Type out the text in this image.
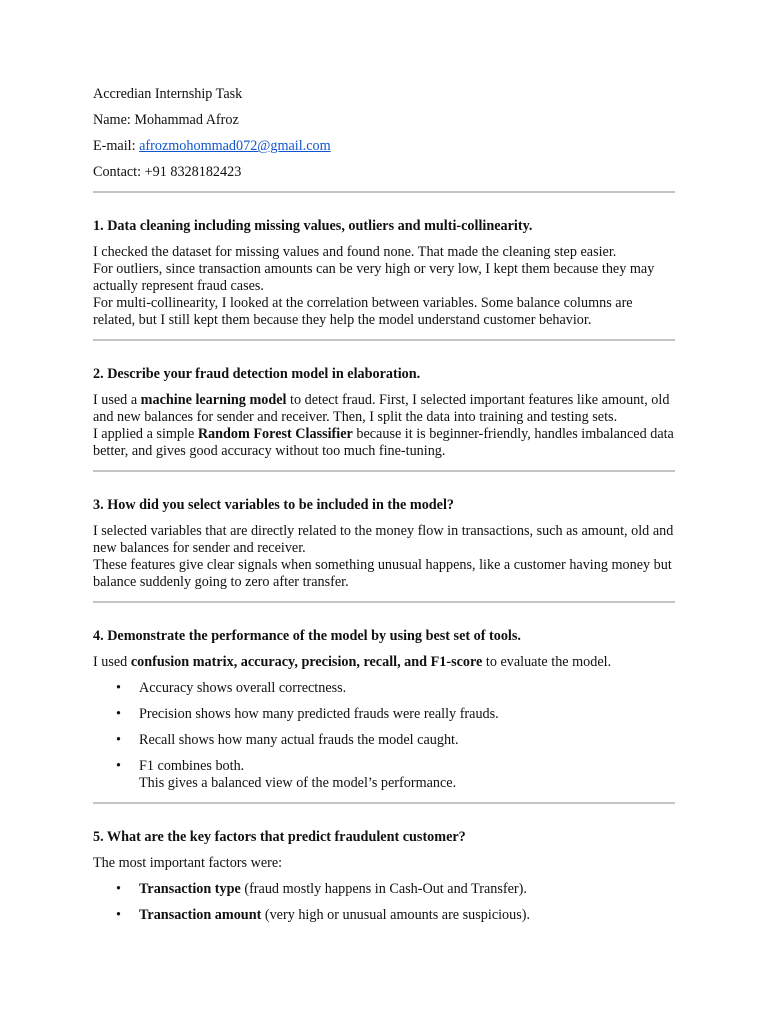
Accredian Internship Task

Name: Mohammad Afroz

E-mail: afrozmohommad072@gmail.com

Contact: +91 8328182423

1. Data cleaning including missing values, outliers and multi-collinearity.

I checked the dataset for missing values and found none. That made the cleaning step easier.

For outliers, since transaction amounts can be very high or very low, I kept them because they may actually represent fraud cases.

For multi-collinearity, I looked at the correlation between variables. Some balance columns are related, but I still kept them because they help the model understand customer behavior.

2. Describe your fraud detection model in elaboration.

I used a machine learning model to detect fraud. First, I selected important features like amount, old and new balances for sender and receiver. Then, I split the data into training and testing sets.

I applied a simple Random Forest Classifier because it is beginner-friendly, handles imbalanced data better, and gives good accuracy without too much fine-tuning.

3. How did you select variables to be included in the model?

I selected variables that are directly related to the money flow in transactions, such as amount, old and new balances for sender and receiver.

These features give clear signals when something unusual happens, like a customer having money but balance suddenly going to zero after transfer.

4. Demonstrate the performance of the model by using best set of tools.

I used confusion matrix, accuracy, precision, recall, and F1-score to evaluate the model.

• Accuracy shows overall correctness.
• Precision shows how many predicted frauds were really frauds.
• Recall shows how many actual frauds the model caught.
• F1 combines both.
This gives a balanced view of the model’s performance.

5. What are the key factors that predict fraudulent customer?

The most important factors were:

• Transaction type (fraud mostly happens in Cash-Out and Transfer).
• Transaction amount (very high or unusual amounts are suspicious).
